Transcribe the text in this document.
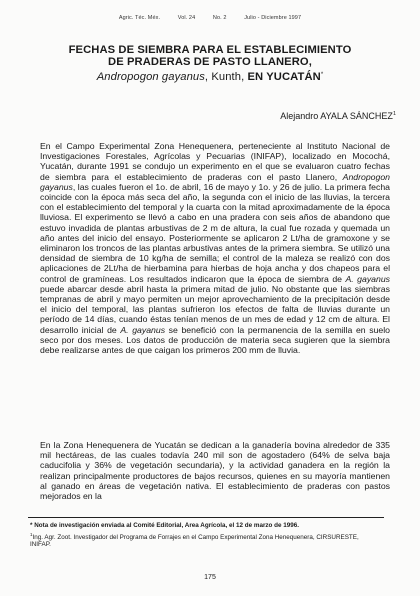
Agric. Téc. Méx.	Vol. 24	No. 2	Julio - Diciembre 1997
FECHAS DE SIEMBRA PARA EL ESTABLECIMIENTO
DE PRADERAS DE PASTO LLANERO,
Andropogon gayanus, Kunth, EN YUCATÁN*
Alejandro AYALA SÁNCHEZ$^1$

En el Campo Experimental Zona Henequenera, perteneciente al Instituto Nacional de Investigaciones Forestales, Agrícolas y Pecuarias (INIFAP), localizado en Mocochá, Yucatán, durante 1991 se condujo un experimento en el que se evaluaron cuatro fechas de siembra para el establecimiento de praderas con el pasto Llanero, Andropogon gayanus, las cuales fueron el 1o. de abril, 16 de mayo y 1o. y 26 de julio. La primera fecha coincide con la época más seca del año, la segunda con el inicio de las lluvias, la tercera con el establecimiento del temporal y la cuarta con la mitad aproximadamente de la época lluviosa. El experimento se llevó a cabo en una pradera con seis años de abandono que estuvo invadida de plantas arbustivas de 2 m de altura, la cual fue rozada y quemada un año antes del inicio del ensayo. Posteriormente se aplicaron 2 Lt/ha de gramoxone y se eliminaron los troncos de las plantas arbustivas antes de la primera siembra. Se utilizó una densidad de siembra de 10 kg/ha de semilla; el control de la maleza se realizó con dos aplicaciones de 2Lt/ha de hierbamina para hierbas de hoja ancha y dos chapeos para el control de gramíneas. Los resultados indicaron que la época de siembra de A. gayanus puede abarcar desde abril hasta la primera mitad de julio. No obstante que las siembras tempranas de abril y mayo permiten un mejor aprovechamiento de la precipitación desde el inicio del temporal, las plantas sufrieron los efectos de falta de lluvias durante un período de 14 días, cuando éstas tenían menos de un mes de edad y 12 cm de altura. El desarrollo inicial de A. gayanus se benefició con la permanencia de la semilla en suelo seco por dos meses. Los datos de producción de materia seca sugieren que la siembra debe realizarse antes de que caigan los primeros 200 mm de lluvia.

En la Zona Henequenera de Yucatán se dedican a la ganadería bovina alrededor de 335 mil hectáreas, de las cuales todavía 240 mil son de agostadero (64% de selva baja caducifolia y 36% de vegetación secundaria), y la actividad ganadera en la región la realizan principalmente productores de bajos recursos, quienes en su mayoría mantienen al ganado en áreas de vegetación nativa. El establecimiento de praderas con pastos mejorados en la

* Nota de investigación enviada al Comité Editorial, Area Agrícola, el 12 de marzo de 1996.

$^1$Ing. Agr. Zoot. Investigador del Programa de Forrajes en el Campo Experimental Zona Henequenera, CIRSURESTE, INIFAP.

175
